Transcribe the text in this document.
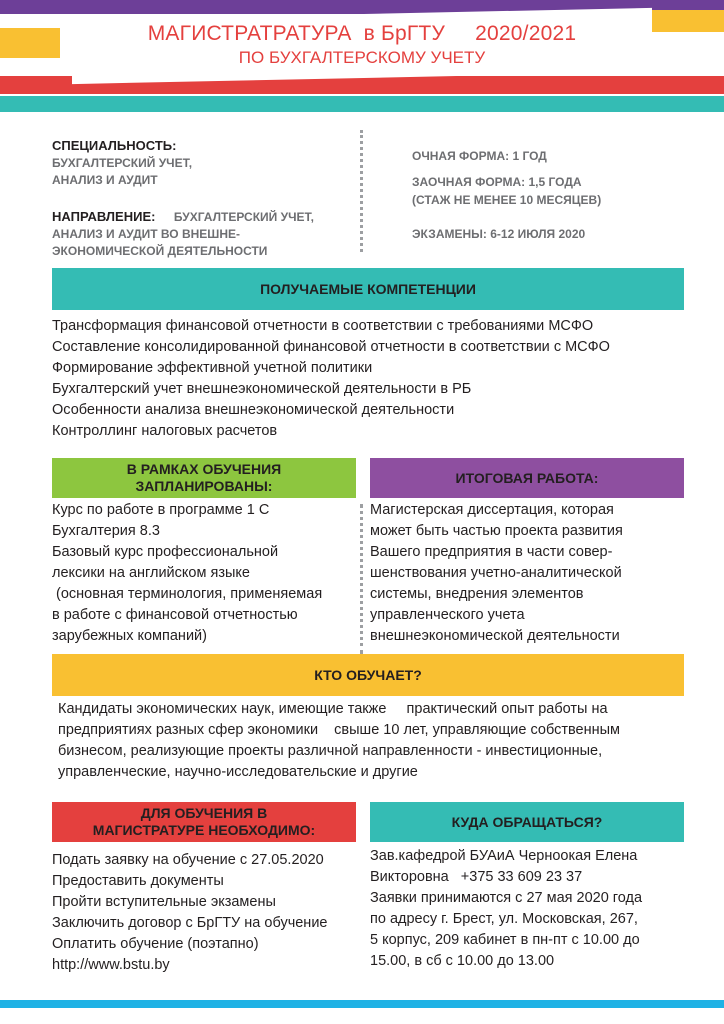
МАГИСТРАТРАТУРА  в БрГТУ     2020/2021
ПО БУХГАЛТЕРСКОМУ УЧЕТУ
СПЕЦИАЛЬНОСТЬ:
БУХГАЛТЕРСКИЙ УЧЕТ,
АНАЛИЗ И АУДИТ
НАПРАВЛЕНИЕ: БУХГАЛТЕРСКИЙ УЧЕТ,
АНАЛИЗ И АУДИТ ВО ВНЕШНЕ-
ЭКОНОМИЧЕСКОЙ ДЕЯТЕЛЬНОСТИ
ОЧНАЯ ФОРМА: 1 ГОД
ЗАОЧНАЯ ФОРМА: 1,5 ГОДА
(СТАЖ НЕ МЕНЕЕ 10 МЕСЯЦЕВ)
ЭКЗАМЕНЫ: 6-12 ИЮЛЯ 2020
ПОЛУЧАЕМЫЕ КОМПЕТЕНЦИИ
Трансформация финансовой отчетности в соответствии с требованиями МСФО
Составление консолидированной финансовой отчетности в соответствии с МСФО
Формирование эффективной учетной политики
Бухгалтерский учет внешнеэкономической деятельности в РБ
Особенности анализа внешнеэкономической деятельности
Контроллинг налоговых расчетов
В РАМКАХ ОБУЧЕНИЯ
ЗАПЛАНИРОВАНЫ:
Курс по работе в программе 1 С
Бухгалтерия 8.3
Базовый курс профессиональной
лексики на английском языке
(основная терминология, применяемая
в работе с финансовой отчетностью
зарубежных компаний)
ИТОГОВАЯ РАБОТА:
Магистерская диссертация, которая
может быть частью проекта развития
Вашего предприятия в части совер-
шенствования учетно-аналитической
системы, внедрения элементов
управленческого учета
внешнеэкономической деятельности
КТО ОБУЧАЕТ?
Кандидаты экономических наук, имеющие также     практический опыт работы на
предприятиях разных сфер экономики    свыше 10 лет, управляющие собственным
бизнесом, реализующие проекты различной направленности - инвестиционные,
управленческие, научно-исследовательские и другие
ДЛЯ ОБУЧЕНИЯ В
МАГИСТРАТУРЕ НЕОБХОДИМО:
Подать заявку на обучение с 27.05.2020
Предоставить документы
Пройти вступительные экзамены
Заключить договор с БрГТУ на обучение
Оплатить обучение (поэтапно)
http://www.bstu.by
КУДА ОБРАЩАТЬСЯ?
Зав.кафедрой БУАиА Черноокая Елена
Викторовна   +375 33 609 23 37
Заявки принимаются с 27 мая 2020 года
по адресу г. Брест, ул. Московская, 267,
5 корпус, 209 кабинет в пн-пт с 10.00 до
15.00, в сб с 10.00 до 13.00
